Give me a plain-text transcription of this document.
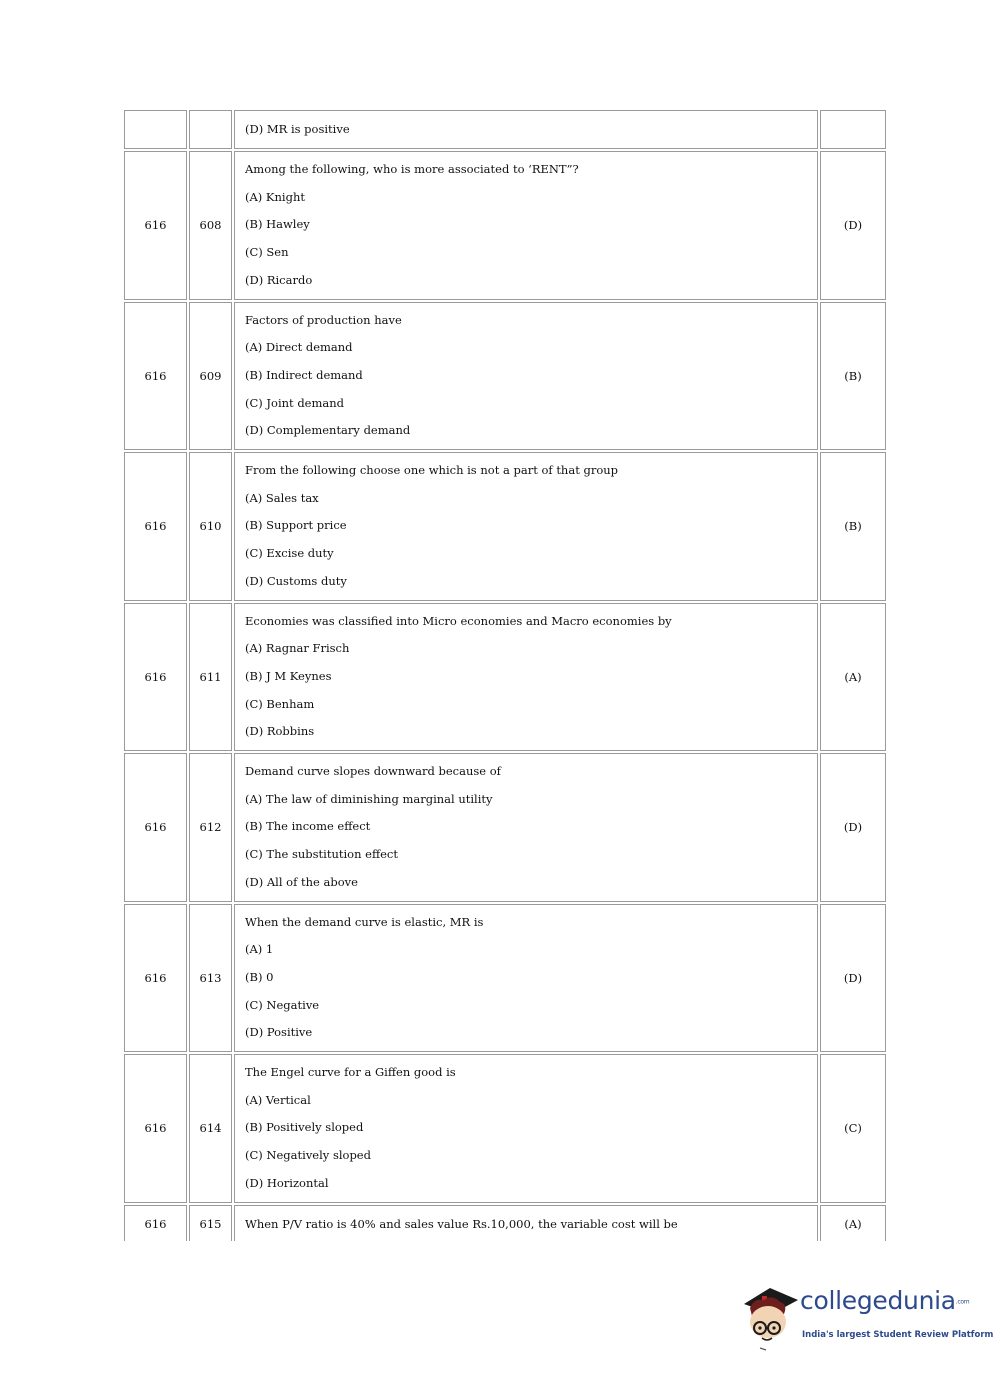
		(D) MR is positive	

616	608	Among the following, who is more associated to ‘RENT”?
(A) Knight
(B) Hawley
(C) Sen
(D) Ricardo	(D)
616	609	Factors of production have
(A) Direct demand
(B) Indirect demand
(C) Joint demand
(D) Complementary demand	(B)
616	610	From the following choose one which is not a part of that group
(A) Sales tax
(B) Support price
(C) Excise duty
(D) Customs duty	(B)
616	611	Economies was classified into Micro economies and Macro economies by
(A) Ragnar Frisch
(B) J M Keynes
(C) Benham
(D) Robbins	(A)
616	612	Demand curve slopes downward because of
(A) The law of diminishing marginal utility
(B) The income effect
(C) The substitution effect
(D) All of the above	(D)
616	613	When the demand curve is elastic, MR is
(A) 1
(B) 0
(C) Negative
(D) Positive	(D)
616	614	The Engel curve for a Giffen good is
(A) Vertical
(B) Positively sloped
(C) Negatively sloped
(D) Horizontal	(C)
616	615	When P/V ratio is 40% and sales value Rs.10,000, the variable cost will be	(A)
collegedunia.com
India's largest Student Review Platform
